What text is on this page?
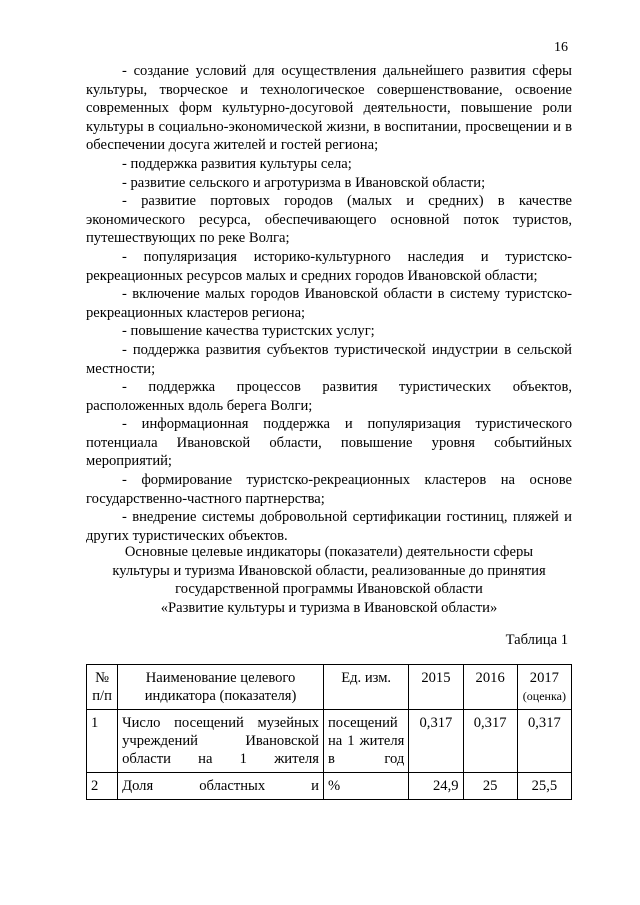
16

- создание условий для осуществления дальнейшего развития сферы культуры, творческое и технологическое совершенствование, освоение современных форм культурно-досуговой деятельности, повышение роли культуры в социально-экономической жизни, в воспитании, просвещении и в обеспечении досуга жителей и гостей региона;

- поддержка развития культуры села;

- развитие сельского и агротуризма в Ивановской области;

- развитие портовых городов (малых и средних) в качестве экономического ресурса, обеспечивающего основной поток туристов, путешествующих по реке Волга;

- популяризация историко-культурного наследия и туристско-рекреационных ресурсов малых и средних городов Ивановской области;

- включение малых городов Ивановской области в систему туристско-рекреационных кластеров региона;

- повышение качества туристских услуг;

- поддержка развития субъектов туристической индустрии в сельской местности;

- поддержка процессов развития туристических объектов, расположенных вдоль берега Волги;

- информационная поддержка и популяризация туристического потенциала Ивановской области, повышение уровня событийных мероприятий;

- формирование туристско-рекреационных кластеров на основе государственно-частного партнерства;

- внедрение системы добровольной сертификации гостиниц, пляжей и других туристических объектов.

Основные целевые индикаторы (показатели) деятельности сферы
культуры и туризма Ивановской области, реализованные до принятия
государственной программы Ивановской области
«Развитие культуры и туризма в Ивановской области»
Таблица 1
№ п/п	Наименование целевого индикатора (показателя)	Ед. изм.	2015	2016	2017
(оценка)

1	Число посещений музейных учреждений Ивановской области на 1 жителя	посещений на 1 жителя в год	0,317	0,317	0,317
2	Доля областных и	%	24,9	25	25,5
